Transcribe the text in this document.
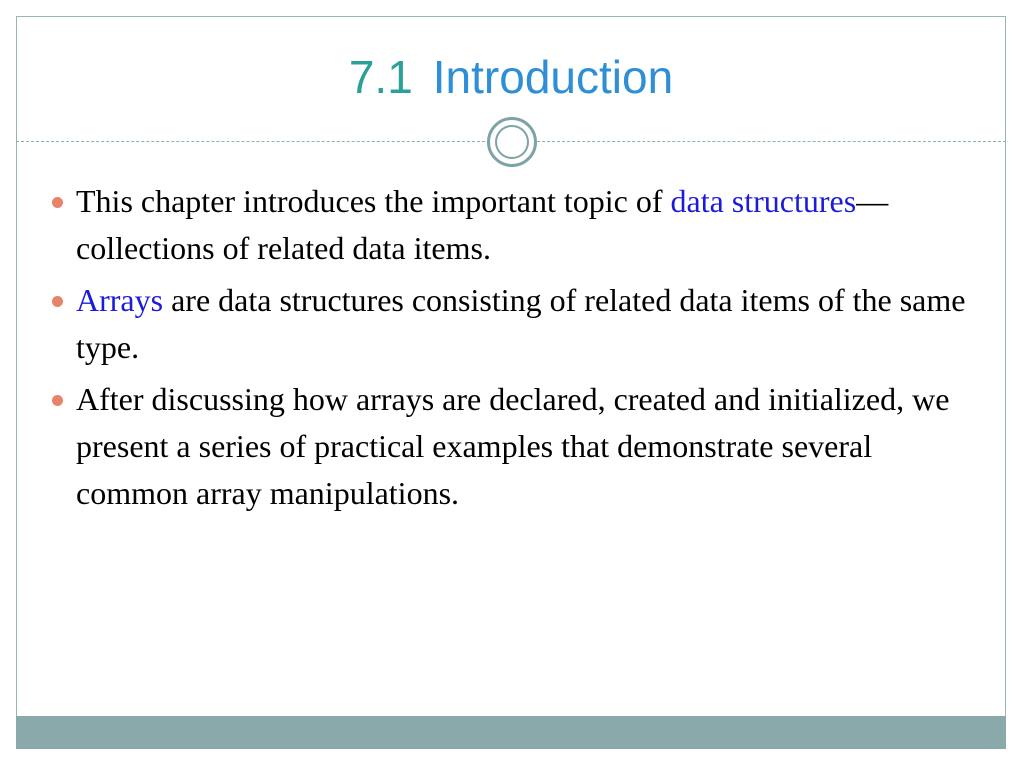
7.1 Introduction
This chapter introduces the important topic of data structures—collections of related data items.
Arrays are data structures consisting of related data items of the same type.
After discussing how arrays are declared, created and initialized, we present a series of practical examples that demonstrate several common array manipulations.
